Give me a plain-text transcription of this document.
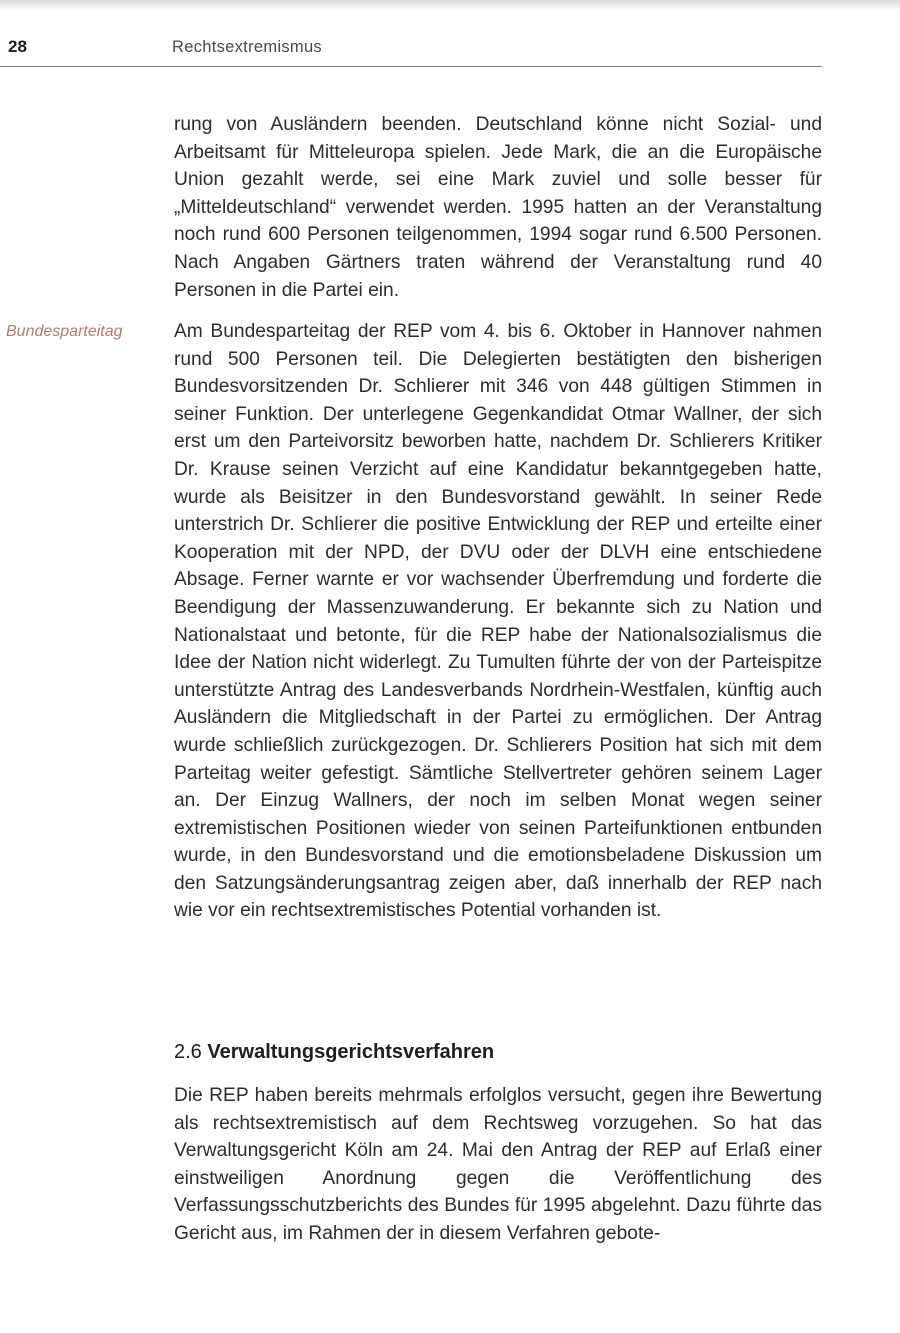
28	Rechtsextremismus
Bundesparteitag

rung von Ausländern beenden. Deutschland könne nicht Sozial- und Arbeitsamt für Mitteleuropa spielen. Jede Mark, die an die Europäische Union gezahlt werde, sei eine Mark zuviel und solle besser für „Mitteldeutschland“ verwendet werden. 1995 hatten an der Veranstaltung noch rund 600 Personen teilgenommen, 1994 sogar rund 6.500 Personen. Nach Angaben Gärtners traten während der Veranstaltung rund 40 Personen in die Partei ein.

Am Bundesparteitag der REP vom 4. bis 6. Oktober in Hannover nahmen rund 500 Personen teil. Die Delegierten bestätigten den bisherigen Bundesvorsitzenden Dr. Schlierer mit 346 von 448 gültigen Stimmen in seiner Funktion. Der unterlegene Gegenkandidat Otmar Wallner, der sich erst um den Parteivorsitz beworben hatte, nachdem Dr. Schlierers Kritiker Dr. Krause seinen Verzicht auf eine Kandidatur bekanntgegeben hatte, wurde als Beisitzer in den Bundesvorstand gewählt. In seiner Rede unterstrich Dr. Schlierer die positive Entwicklung der REP und erteilte einer Kooperation mit der NPD, der DVU oder der DLVH eine entschiedene Absage. Ferner warnte er vor wachsender Überfremdung und forderte die Beendigung der Massenzuwanderung. Er bekannte sich zu Nation und Nationalstaat und betonte, für die REP habe der Nationalsozialismus die Idee der Nation nicht widerlegt. Zu Tumulten führte der von der Parteispitze unterstützte Antrag des Landesverbands Nordrhein-Westfalen, künftig auch Ausländern die Mitgliedschaft in der Partei zu ermöglichen. Der Antrag wurde schließlich zurückgezogen. Dr. Schlierers Position hat sich mit dem Parteitag weiter gefestigt. Sämtliche Stellvertreter gehören seinem Lager an. Der Einzug Wallners, der noch im selben Monat wegen seiner extremistischen Positionen wieder von seinen Parteifunktionen entbunden wurde, in den Bundesvorstand und die emotionsbeladene Diskussion um den Satzungsänderungsantrag zeigen aber, daß innerhalb der REP nach wie vor ein rechtsextremistisches Potential vorhanden ist.

2.6 Verwaltungsgerichtsverfahren

Die REP haben bereits mehrmals erfolglos versucht, gegen ihre Bewertung als rechtsextremistisch auf dem Rechtsweg vorzugehen. So hat das Verwaltungsgericht Köln am 24. Mai den Antrag der REP auf Erlaß einer einstweiligen Anordnung gegen die Veröffentlichung des Verfassungsschutzberichts des Bundes für 1995 abgelehnt. Dazu führte das Gericht aus, im Rahmen der in diesem Verfahren gebote-
